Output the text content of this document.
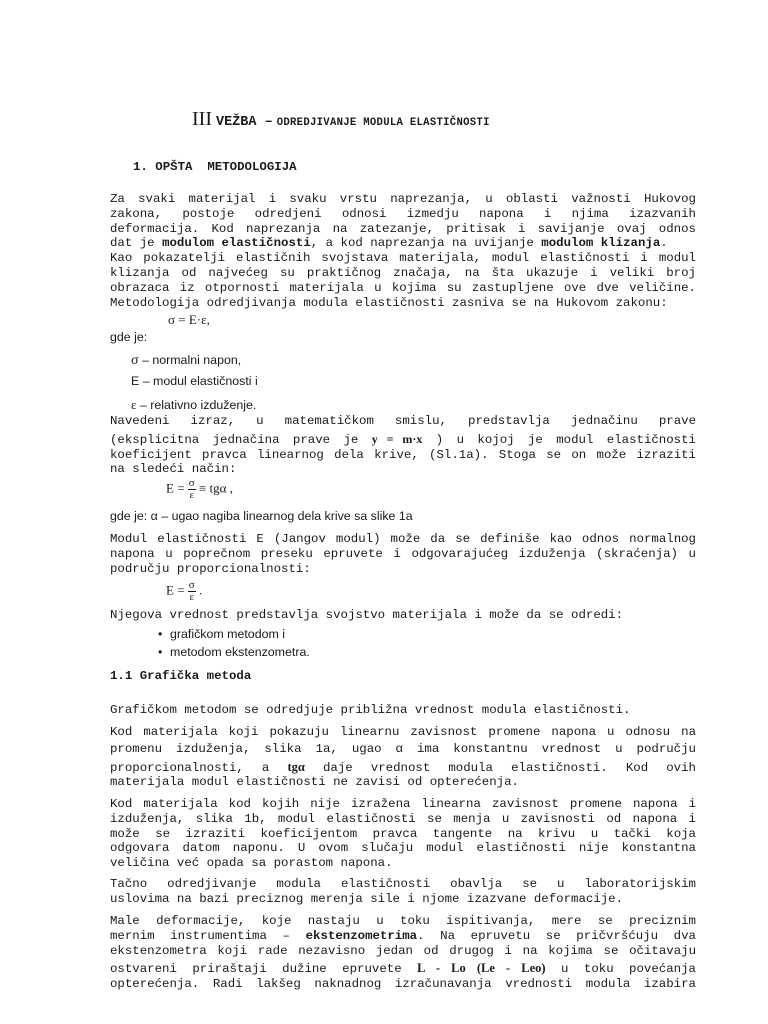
III VEŽBA – ODREDJIVANJE MODULA ELASTIČNOSTI
1. OPŠTA  METODOLOGIJA
Za svaki materijal i svaku vrstu naprezanja, u oblasti važnosti Hukovog
zakona, postoje odredjeni odnosi izmedju napona i njima izazvanih
deformacija. Kod naprezanja na zatezanje, pritisak i savijanje ovaj odnos
dat je modulom elastičnosti, a kod naprezanja na uvijanje modulom klizanja.
Kao pokazatelji elastičnih svojstava materijala, modul elastičnosti i modul
klizanja od najvećeg su praktičnog značaja, na šta ukazuje i veliki broj
obrazaca iz otpornosti materijala u kojima su zastupljene ove dve veličine.
Metodologija odredjivanja modula elastičnosti zasniva se na Hukovom zakonu:
σ = E·ε,
gde je:
σ – normalni napon,
E – modul elastičnosti i
ε – relativno izduženje.
Navedeni izraz, u matematičkom smislu, predstavlja jednačinu prave
(eksplicitna jednačina prave je y = m·x ) u kojoj je modul elastičnosti
koeficijent pravca linearnog dela krive, (Sl.1a). Stoga se on može izraziti
na sledeći način:
$E = \frac{\sigma}{\varepsilon} \equiv tg\alpha$ ,
gde je: α – ugao nagiba linearnog dela krive sa slike 1a
Modul elastičnosti E (Jangov modul) može da se definiše kao odnos normalnog
napona u poprečnom preseku epruvete i odgovarajućeg izduženja (skraćenja) u
području proporcionalnosti:
$E = \frac{\sigma}{\varepsilon}$ .
Njegova vrednost predstavlja svojstvo materijala i može da se odredi:
• grafičkom metodom i
• metodom ekstenzometra.
1.1 Grafička metoda
Grafičkom metodom se odredjuje približna vrednost modula elastičnosti.
Kod materijala koji pokazuju linearnu zavisnost promene napona u odnosu na
promenu izduženja, slika 1a, ugao α ima konstantnu vrednost u području
proporcionalnosti, a tgα daje vrednost modula elastičnosti. Kod ovih
materijala modul elastičnosti ne zavisi od opterećenja.
Kod materijala kod kojih nije izražena linearna zavisnost promene napona i
izduženja, slika 1b, modul elastičnosti se menja u zavisnosti od napona i
može se izraziti koeficijentom pravca tangente na krivu u tački koja
odgovara datom naponu. U ovom slučaju modul elastičnosti nije konstantna
veličina već opada sa porastom napona.
Tačno odredjivanje modula elastičnosti obavlja se u laboratorijskim
uslovima na bazi preciznog merenja sile i njome izazvane deformacije.
Male deformacije, koje nastaju u toku ispitivanja, mere se preciznim
mernim instrumentima – ekstenzometrima. Na epruvetu se pričvršćuju dva
ekstenzometra koji rade nezavisno jedan od drugog i na kojima se očitavaju
ostvareni priraštaji dužine epruvete L - Lo (Le - Leo) u toku povećanja
opterećenja. Radi lakšeg naknadnog izračunavanja vrednosti modula izabira
